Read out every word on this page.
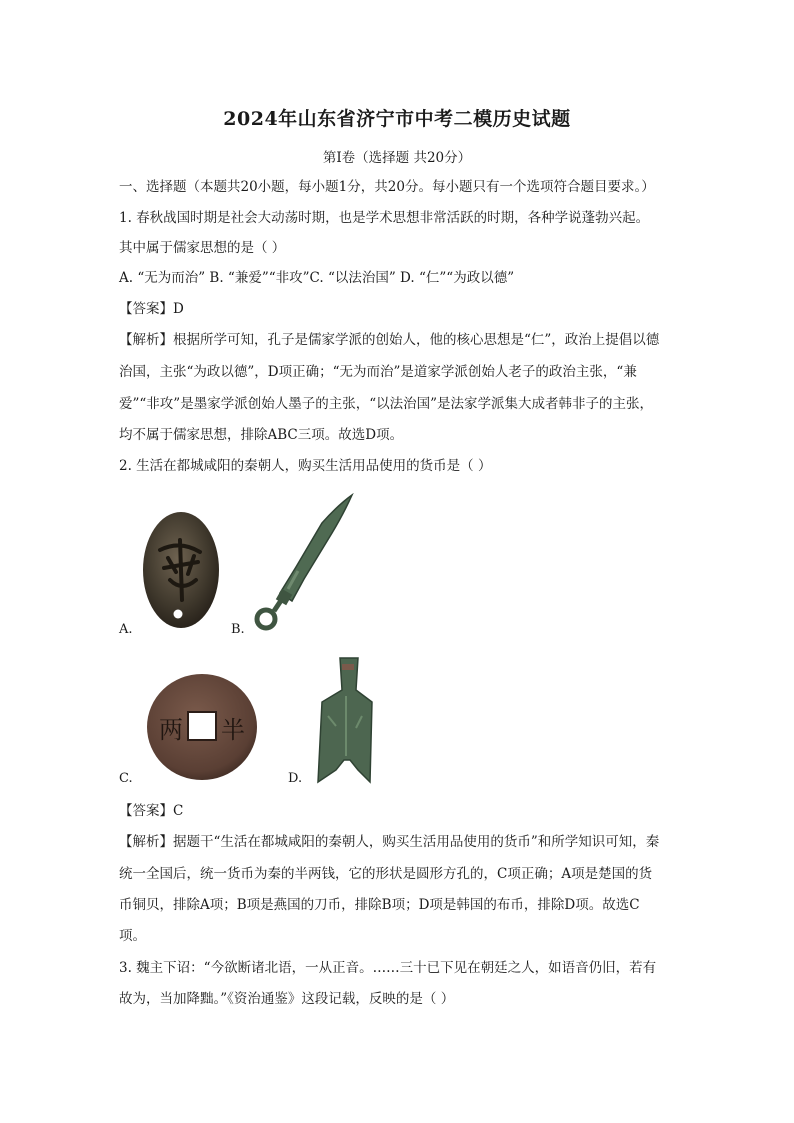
2024年山东省济宁市中考二模历史试题
第I卷（选择题 共20分）
一、选择题（本题共20小题，每小题1分，共20分。每小题只有一个选项符合题目要求。）
1. 春秋战国时期是社会大动荡时期，也是学术思想非常活跃的时期，各种学说蓬勃兴起。
其中属于儒家思想的是（ ）
A. “无为而治” B. “兼爱”“非攻”C. “以法治国” D. “仁”“为政以德”
【答案】D
【解析】根据所学可知，孔子是儒家学派的创始人，他的核心思想是“仁”，政治上提倡以德
治国，主张“为政以德”，D项正确；“无为而治”是道家学派创始人老子的政治主张，“兼
爱”“非攻”是墨家学派创始人墨子的主张，“以法治国”是法家学派集大成者韩非子的主张，
均不属于儒家思想，排除ABC三项。故选D项。
2. 生活在都城咸阳的秦朝人，购买生活用品使用的货币是（ ）
A.	B.
两 半
C.	D.
【答案】C
【解析】据题干“生活在都城咸阳的秦朝人，购买生活用品使用的货币”和所学知识可知，秦
统一全国后，统一货币为秦的半两钱，它的形状是圆形方孔的，C项正确；A项是楚国的货
币铜贝，排除A项；B项是燕国的刀币，排除B项；D项是韩国的布币，排除D项。故选C
项。
3. 魏主下诏：“今欲断诸北语，一从正音。……三十已下见在朝廷之人，如语音仍旧，若有
故为，当加降黜。”《资治通鉴》这段记载，反映的是（ ）
